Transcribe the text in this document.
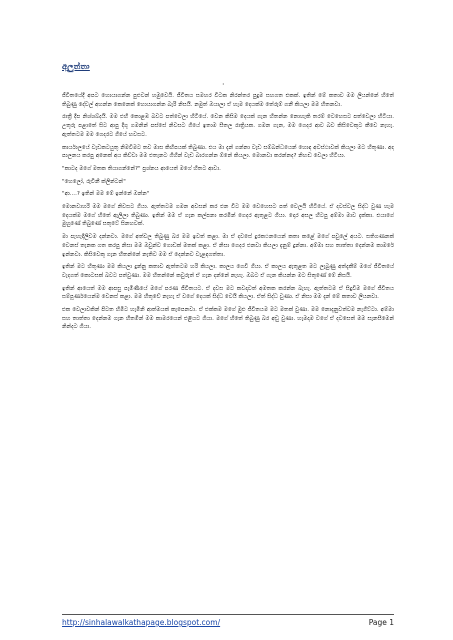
අලුත්තා
·

ජීවිතයේදී අපට හොයාගන්න පුළුවන් හමුවෙයි. ජීවිතය සමහර විටක නිරන්තර පුදුම සහගත එකක්. ඉතින් මේ කතාව මම ලියන්නේ හිතේ තිබුණු දේවල් අහන්න කෙනෙක් හොයාගන්න බැරි නිසයි. නමුත් ඔයාලා ඒ හැම දෙයක්ම තේරුම් ගනී කියලා මම හිතනවා.

රාත්‍රී දීප නිශ්ශබ්දයි. මම එහි කොළඹ බවට පත්වෙලා හිටියේ. වෙන කිසිම දෙයක් ගැන හිතන්න නොහැකි තරම් වෙහෙසට පත්වෙලා හිටියා. උතුරු පළාතේ සිට ආපු දිගු ගමනින් පස්සේ නිවසට ගියේ ඉතාම සීතල රාත්‍රියක. ගමන ගැන, මම ගෙදර ආව බව කිසිවෙකුට කීවෙ නැහැ. ඇත්තටම මම ගෙදරට ගියේ හවසට.

කාර්යාලයේ වැඩකටයුතු නිමවීමට තව මාස කිහිපයක් තිබුණා. එය මා දැන් ගන්නා වැඩ සම්බන්ධයෙන් හොඳ අවස්ථාවක් කියලා මට හිතුණා. අද පාලනය කරපු අනෙක් අය කිව්වා මම එතැනට ගිහින් වැඩ බාරගන්න ඕනේ කියලා. මොනවා කරන්නද? නිහඬ වෙලා හිටියා.

"කාටද මගේ මතක තියාගන්නේ?" ප්‍රශ්නය ආයෙත් මගේ හිතට ආවා.

"හෙලෝ, රුවිනී ක්ලින්ටන්"

"ආ....? ඉතින් මම මේ ඉන්නේ ඔන්න"

මොනවාහරි මම මගේ නිවසට ගියා. ඇත්තටම ගමන අවසන් කර එන විට මම වෙහෙසට පත් වෙලයි හිටියේ. ඒ දවස්වල සිද්ධ වුණ හැම දෙයක්ම මගේ හිතේ ඇලිලා තිබුණා. ඉතින් මම ඒ ගැන කල්පනා කරමින් ගෙදර ඇතුළට ගියා. දොර අසල හිටපු අම්මා මාව දැක්කා. එයාගේ මුහුණේ තිබුණේ සතුටේ සිනහවක්.

මා පැහැදිලිවම දන්නවා. මගේ අත්වල තිබුණු බර මම ඉවත් කළා. මා ඒ දවසේ දුරකථනයෙන් කතා කළේ මගේ පවුලේ අයට. සතිගණනක් වෙනස් තැනක ගත කරපු නිසා මම ඔවුන්ව ගොඩක් මතක් කළා. ඒ නිසා ගෙදර එනවා කියලා දැනුම් දුන්නා. අම්මා සහ තාත්තා දෙන්නම කාමරේ ඉන්නවා. කිසිවෙකු ගැන හිතන්නේ නැතිව මම ඒ දෙන්නව වැළඳගත්තා.

ඉතින් මට හිතුණා මම කියලා දුන්නු කතාව ඇත්තටම හරි කියලා. කාලය ගෙවී ගියා. ඒ කාලය ඇතුළත මට ලැබුණු අත්දැකීම් මගේ ජීවිතයේ වැදගත් කොටසක් බවට පත්වුණා. මම හිතන්නේ කවුරුත් ඒ ගැන දන්නේ නැහැ. ඔබට ඒ ගැන කියන්න මට සිතුණේ මේ නිසයි.

ඉතින් ආයෙත් මම ආපසු පැමිණියේ මගේ පරණ ජීවිතයට. ඒ දවස මට කවදාවත් අමතක කරන්න බැහැ. ඇත්තටම ඒ සිදුවීම මගේ ජීවිතය සම්පූර්ණයෙන්ම වෙනස් කළා. මම හිතුවේ නැහැ ඒ වගේ දෙයක් සිද්ධ වෙයි කියලා. ඒත් සිද්ධ වුණා. ඒ නිසා මම දැන් මේ කතාව ලියනවා.

එක වෙලාවකින් පිටත හිමිට හැමිනි ආත්මයක් කැපෙනවා. ඒ එක්කම මගේ මුළු ජීවිතයම මට මතක් වුණා. මම නොදැනුවත්වම නැගිට්ටා. අම්මා සහ තාත්තා දෙන්නම ගැන හිතමින් මම කාමරයෙන් එළියට ගියා. මගේ හිතේ තිබුණු බර අඩු වුණා. හැමදාම වගේ ඒ දවසෙත් මම සැනසීමෙන් නින්දට ගියා.

http://sinhalawalkathapage.blogspot.com/	Page 1
